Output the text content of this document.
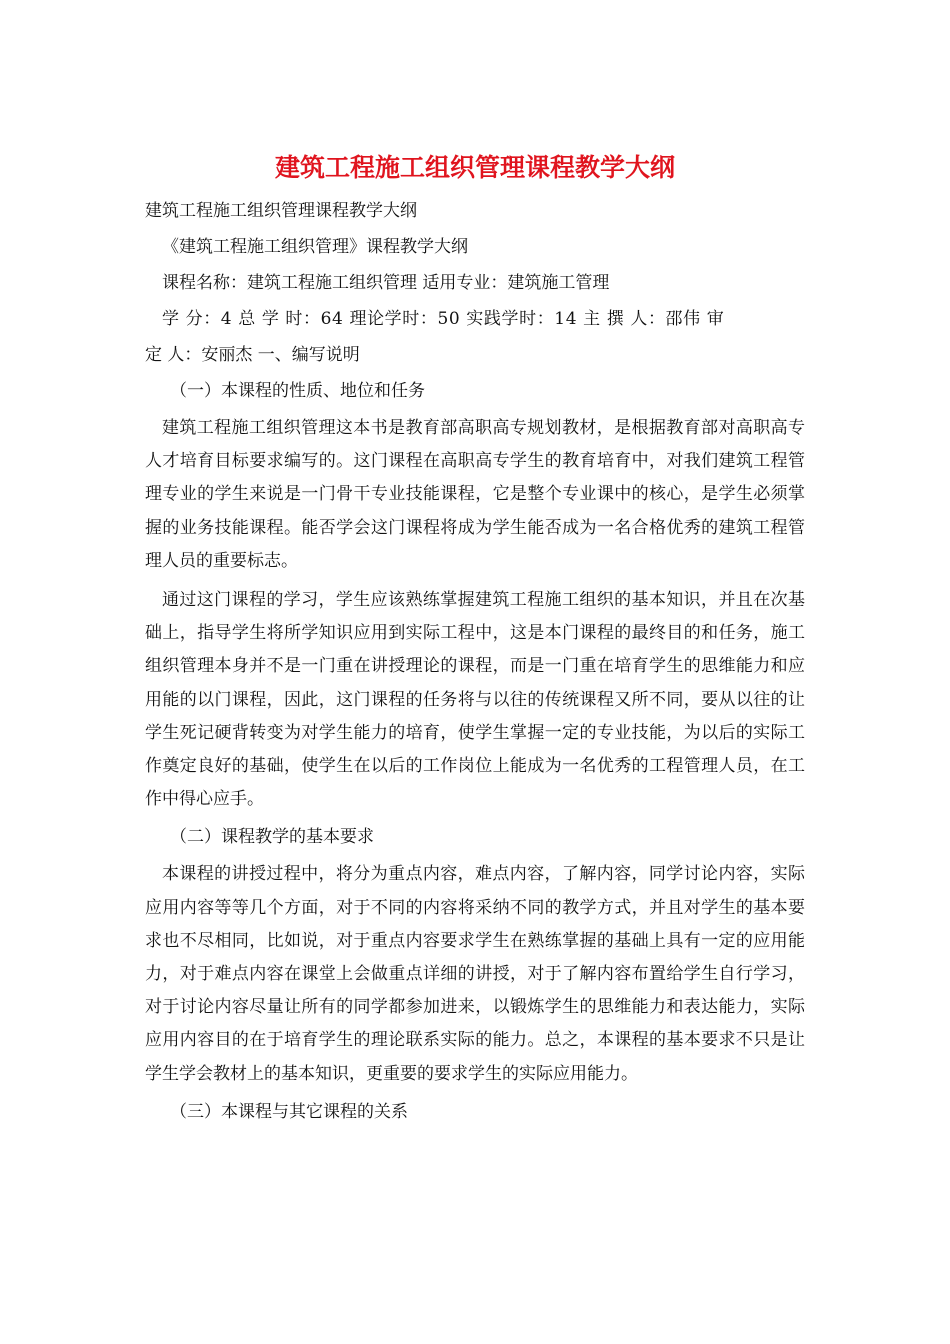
建筑工程施工组织管理课程教学大纲
建筑工程施工组织管理课程教学大纲
《建筑工程施工组织管理》课程教学大纲
课程名称：建筑工程施工组织管理 适用专业：建筑施工管理
学 分：4 总 学 时：64 理论学时：50 实践学时：14 主 撰 人：邵伟 审
定 人：安丽杰 一、编写说明
（一）本课程的性质、地位和任务
建筑工程施工组织管理这本书是教育部高职高专规划教材，是根据教育部对高职高专人才培育目标要求编写的。这门课程在高职高专学生的教育培育中，对我们建筑工程管理专业的学生来说是一门骨干专业技能课程，它是整个专业课中的核心，是学生必须掌握的业务技能课程。能否学会这门课程将成为学生能否成为一名合格优秀的建筑工程管理人员的重要标志。
通过这门课程的学习，学生应该熟练掌握建筑工程施工组织的基本知识，并且在次基础上，指导学生将所学知识应用到实际工程中，这是本门课程的最终目的和任务，施工组织管理本身并不是一门重在讲授理论的课程，而是一门重在培育学生的思维能力和应用能的以门课程，因此，这门课程的任务将与以往的传统课程又所不同，要从以往的让学生死记硬背转变为对学生能力的培育，使学生掌握一定的专业技能，为以后的实际工作奠定良好的基础，使学生在以后的工作岗位上能成为一名优秀的工程管理人员，在工作中得心应手。
（二）课程教学的基本要求
本课程的讲授过程中，将分为重点内容，难点内容，了解内容，同学讨论内容，实际应用内容等等几个方面，对于不同的内容将采纳不同的教学方式，并且对学生的基本要求也不尽相同，比如说，对于重点内容要求学生在熟练掌握的基础上具有一定的应用能力，对于难点内容在课堂上会做重点详细的讲授，对于了解内容布置给学生自行学习，对于讨论内容尽量让所有的同学都参加进来，以锻炼学生的思维能力和表达能力，实际应用内容目的在于培育学生的理论联系实际的能力。总之，本课程的基本要求不只是让学生学会教材上的基本知识，更重要的要求学生的实际应用能力。
（三）本课程与其它课程的关系
